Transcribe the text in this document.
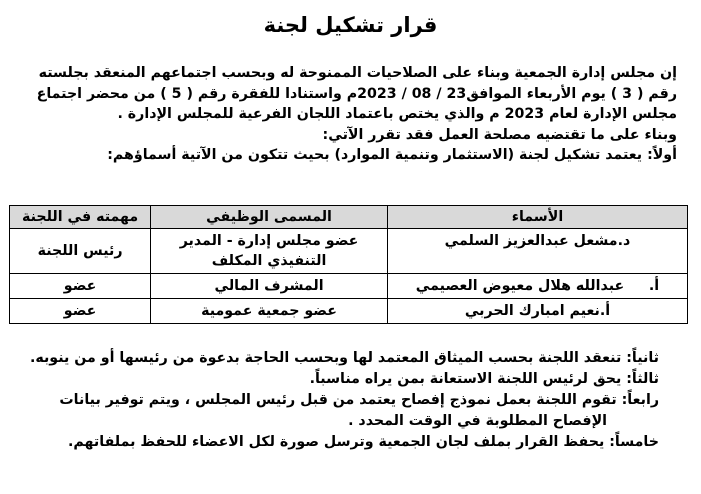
قرار تشكيل لجنة
إن مجلس إدارة الجمعية وبناء على الصلاحيات الممنوحة له وبحسب اجتماعهم المنعقد بجلسته
رقم ( 3 ) يوم الأربعاء الموافق23 / 08 / 2023م واستنادا للفقرة رقم ( 5 ) من محضر اجتماع
مجلس الإدارة لعام 2023 م والذي يختص باعتماد اللجان الفرعية للمجلس الإدارة .
وبناء على ما تقتضيه مصلحة العمل فقد تقرر الآتي:
أولاً: يعتمد تشكيل لجنة (الاستثمار وتنمية الموارد) بحيث تتكون من الآتية أسماؤهم:
الأسماء	المسمى الوظيفي	مهمته في اللجنة
د.مشعل عبدالعزيز السلمي	عضو مجلس إدارة - المدير التنفيذي المكلف	رئيس اللجنة
أ.     عبدالله هلال معيوض العصيمي	المشرف المالي	عضو
أ.نعيم امبارك الحربي	عضو جمعية عمومية	عضو
ثانياً: تنعقد اللجنة بحسب الميثاق المعتمد لها وبحسب الحاجة بدعوة من رئيسها أو من ينوبه.
ثالثاً: يحق لرئيس اللجنة الاستعانة بمن يراه مناسباً.
رابعاً: تقوم اللجنة بعمل نموذج إفصاح يعتمد من قبل رئيس المجلس ، ويتم توفير بيانات
الإفصاح المطلوبة في الوقت المحدد .
خامساً: يحفظ القرار بملف لجان الجمعية وترسل صورة لكل الاعضاء للحفظ بملفاتهم.
